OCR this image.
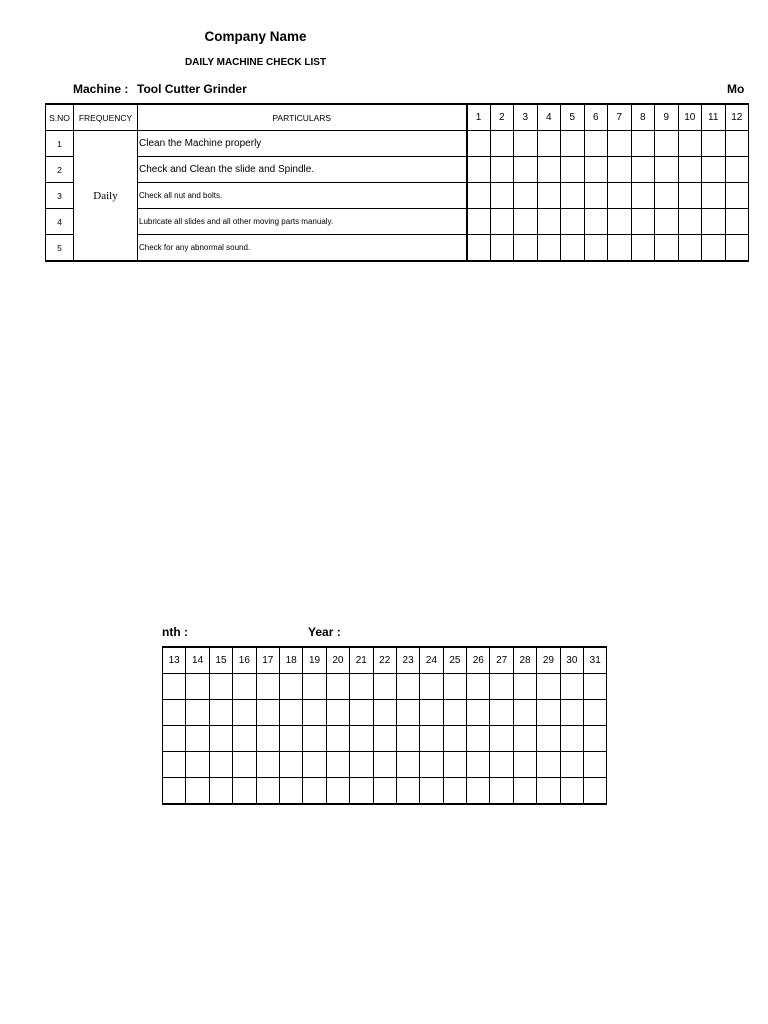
Company Name
DAILY MACHINE CHECK LIST
Machine : Tool Cutter Grinder	Mo
S.NO	FREQUENCY	PARTICULARS	1	2	3	4	5	6	7	8	9	10	11	12
1	Daily	Clean the Machine properly												
2		Check and Clean the slide and Spindle.												
3		Check all nut and bolts.												
4		Lubricate all slides and all other moving parts manualy.												
5		Check for any abnormal sound.												
nth :	Year :
13	14	15	16	17	18	19	20	21	22	23	24	25	26	27	28	29	30	31
